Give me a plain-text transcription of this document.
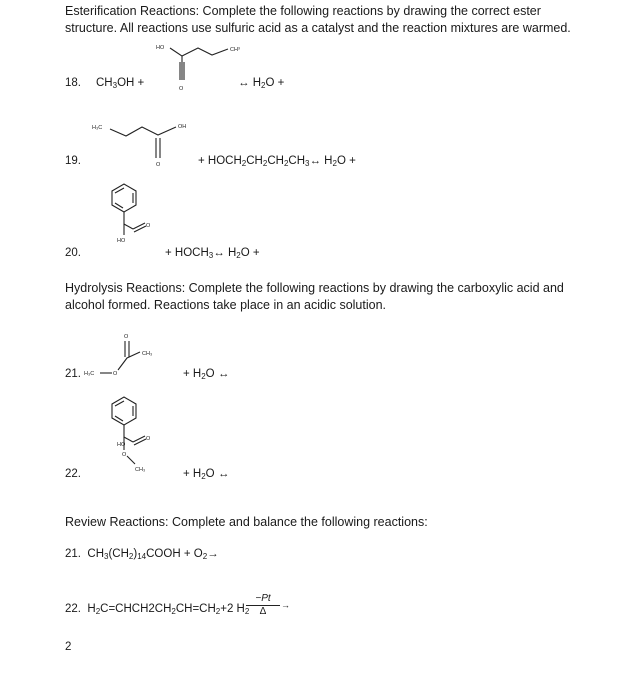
Esterification Reactions: Complete the following reactions by drawing the correct ester
structure. All reactions use sulfuric acid as a catalyst and the reaction mixtures are warmed.
18. $CH_3OH$ +
HO	CH³
O	↔ $H_2O$ +
19.
H₃C	OH
O	+ $HOCH_2CH_2CH_2CH_3\leftrightarrow$ $H_2O$ +
20.
O
HO
+ $HOCH_3\leftrightarrow$ $H_2O$ +
Hydrolysis Reactions: Complete the following reactions by drawing the carboxylic acid and
alcohol formed. Reactions take place in an acidic solution.
21. H₃C	O
O
CH₃
+ $H_2O$ ↔
22.
O
HO
O
CH₃	+ $H_2O$ ↔
Review Reactions: Complete and balance the following reactions:
21. $CH_3(CH_2)_{14}COOH + O_2\to$
22. $H_2C=CHCH2CH_2CH=CH_2+2$ $H_2$
$\frac{-Pt}{\Delta}$ →
2
